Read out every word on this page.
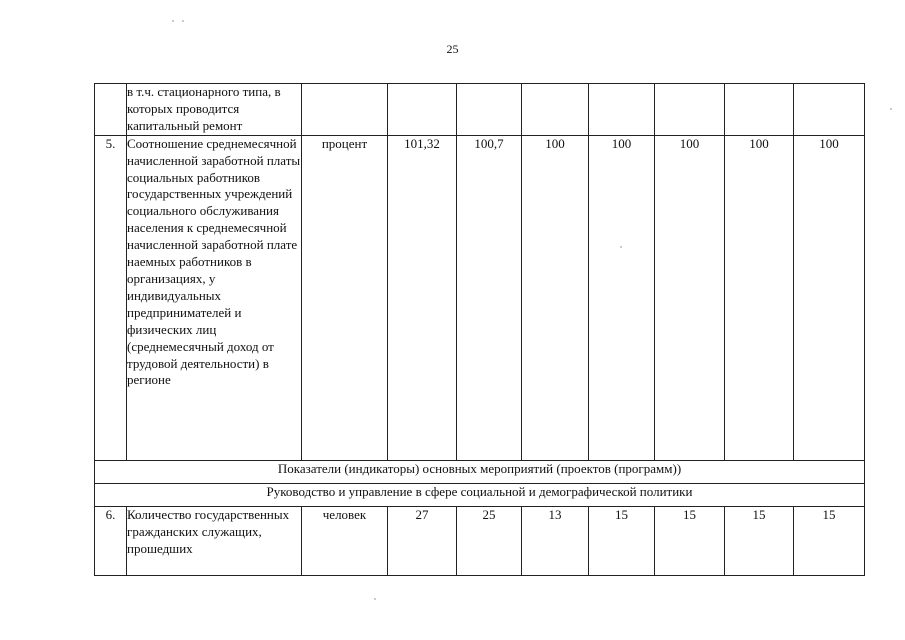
25
	в т.ч. стационарного типа, в которых проводится капитальный ремонт								
5.	Соотношение среднемесячной начисленной заработной платы социальных работников государственных учреждений социального обслуживания населения к среднемесячной начисленной заработной плате наемных работников в организациях, у индивидуальных предпринимателей и физических лиц (среднемесячный доход от трудовой деятельности) в регионе	процент	101,32	100,7	100	100	100	100	100
Показатели (индикаторы) основных мероприятий (проектов (программ))									
Руководство и управление в сфере социальной и демографической политики									
6.	Количество государственных гражданских служащих, прошедших	человек	27	25	13	15	15	15	15
